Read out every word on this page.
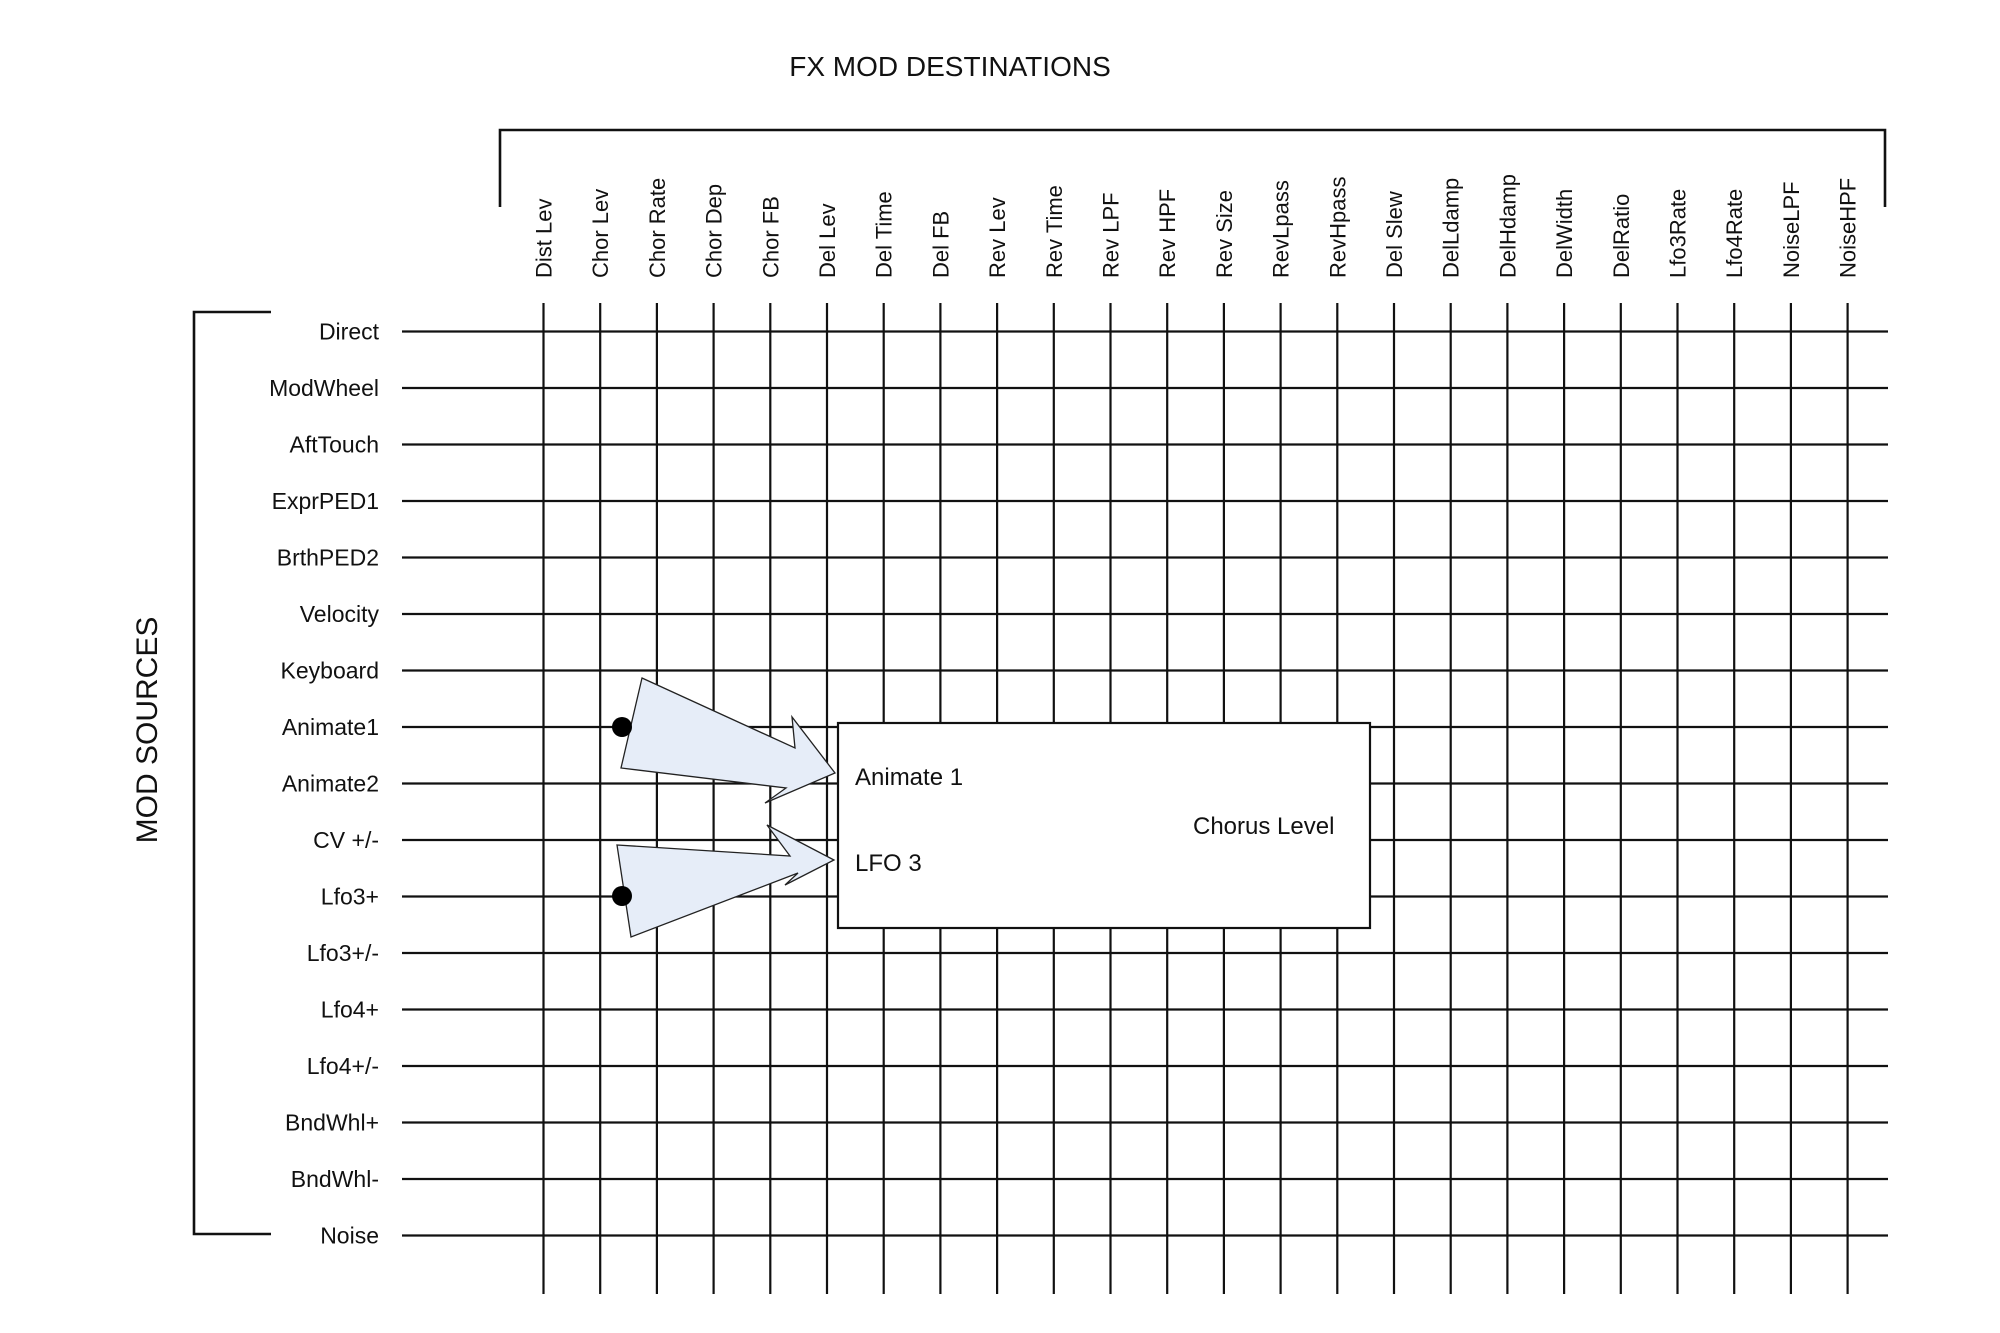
FX MOD DESTINATIONS
MOD SOURCES
Direct
ModWheel
AftTouch
ExprPED1
BrthPED2
Velocity
Keyboard
Animate1
Animate2
CV +/-
Lfo3+
Lfo3+/-
Lfo4+
Lfo4+/-
BndWhl+
BndWhl-
Noise
Dist Lev Chor Lev Chor Rate Chor Dep Chor FB Del Lev Del Time Del FB Rev Lev Rev Time Rev LPF Rev HPF Rev Size RevLpass RevHpass Del Slew DelLdamp DelHdamp DelWidth DelRatio Lfo3Rate Lfo4Rate NoiseLPF NoiseHPF
Animate 1
LFO 3
Chorus Level
